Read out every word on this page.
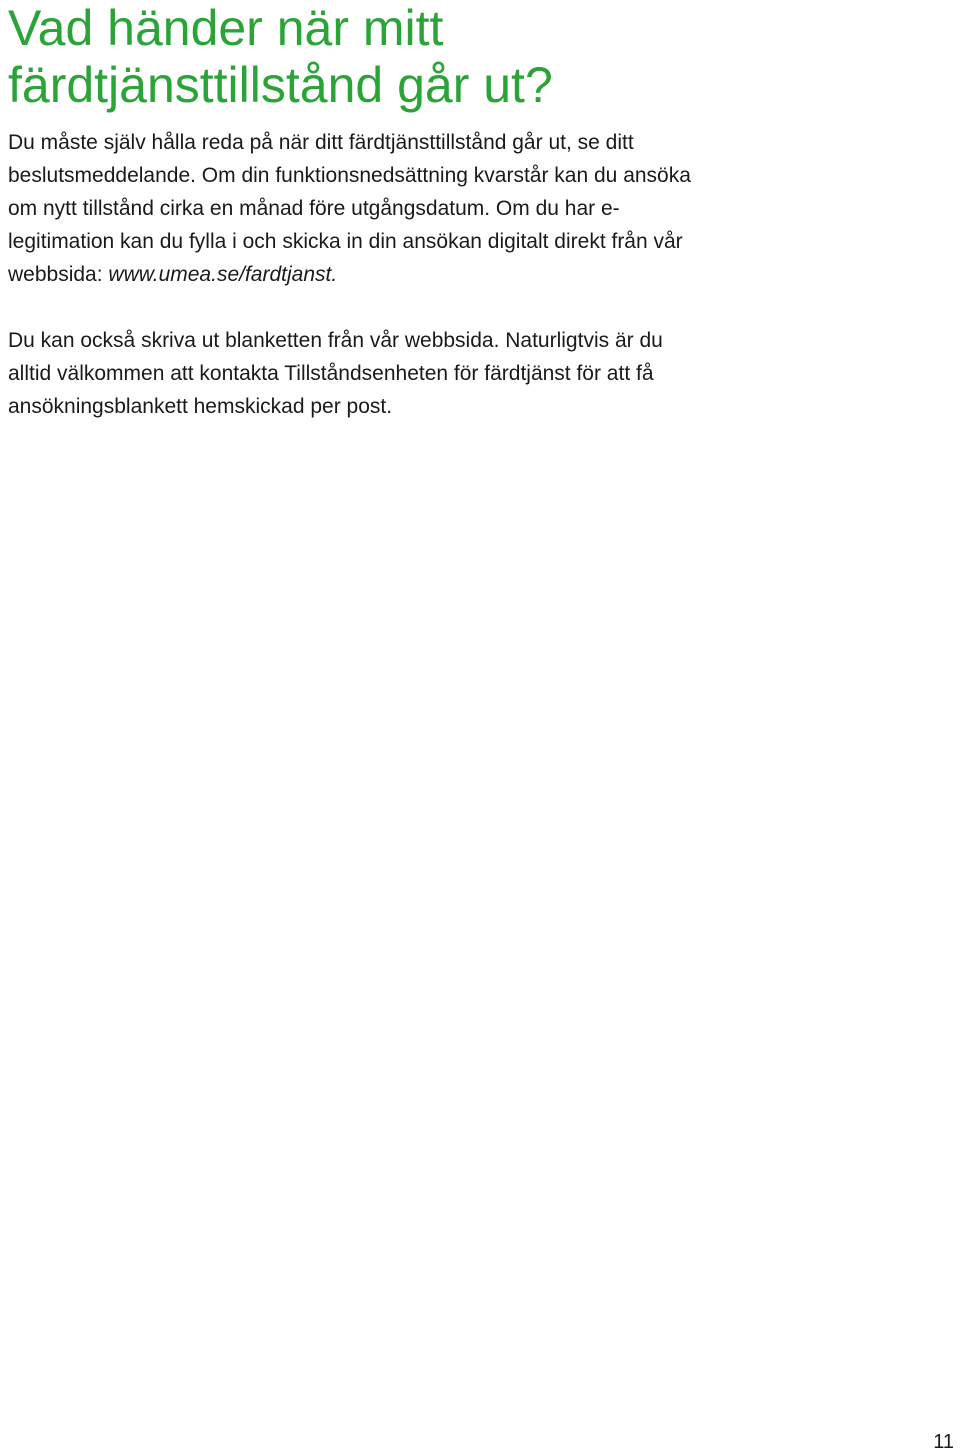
Vad händer när mitt
färdtjänsttillstånd går ut?

Du måste själv hålla reda på när ditt färdtjänsttillstånd går ut, se ditt
beslutsmeddelande. Om din funktionsnedsättning kvarstår kan du ansöka
om nytt tillstånd cirka en månad före utgångsdatum. Om du har e-
legitimation kan du fylla i och skicka in din ansökan digitalt direkt från vår
webbsida: www.umea.se/fardtjanst.

Du kan också skriva ut blanketten från vår webbsida. Naturligtvis är du
alltid välkommen att kontakta Tillståndsenheten för färdtjänst för att få
ansökningsblankett hemskickad per post.

11
